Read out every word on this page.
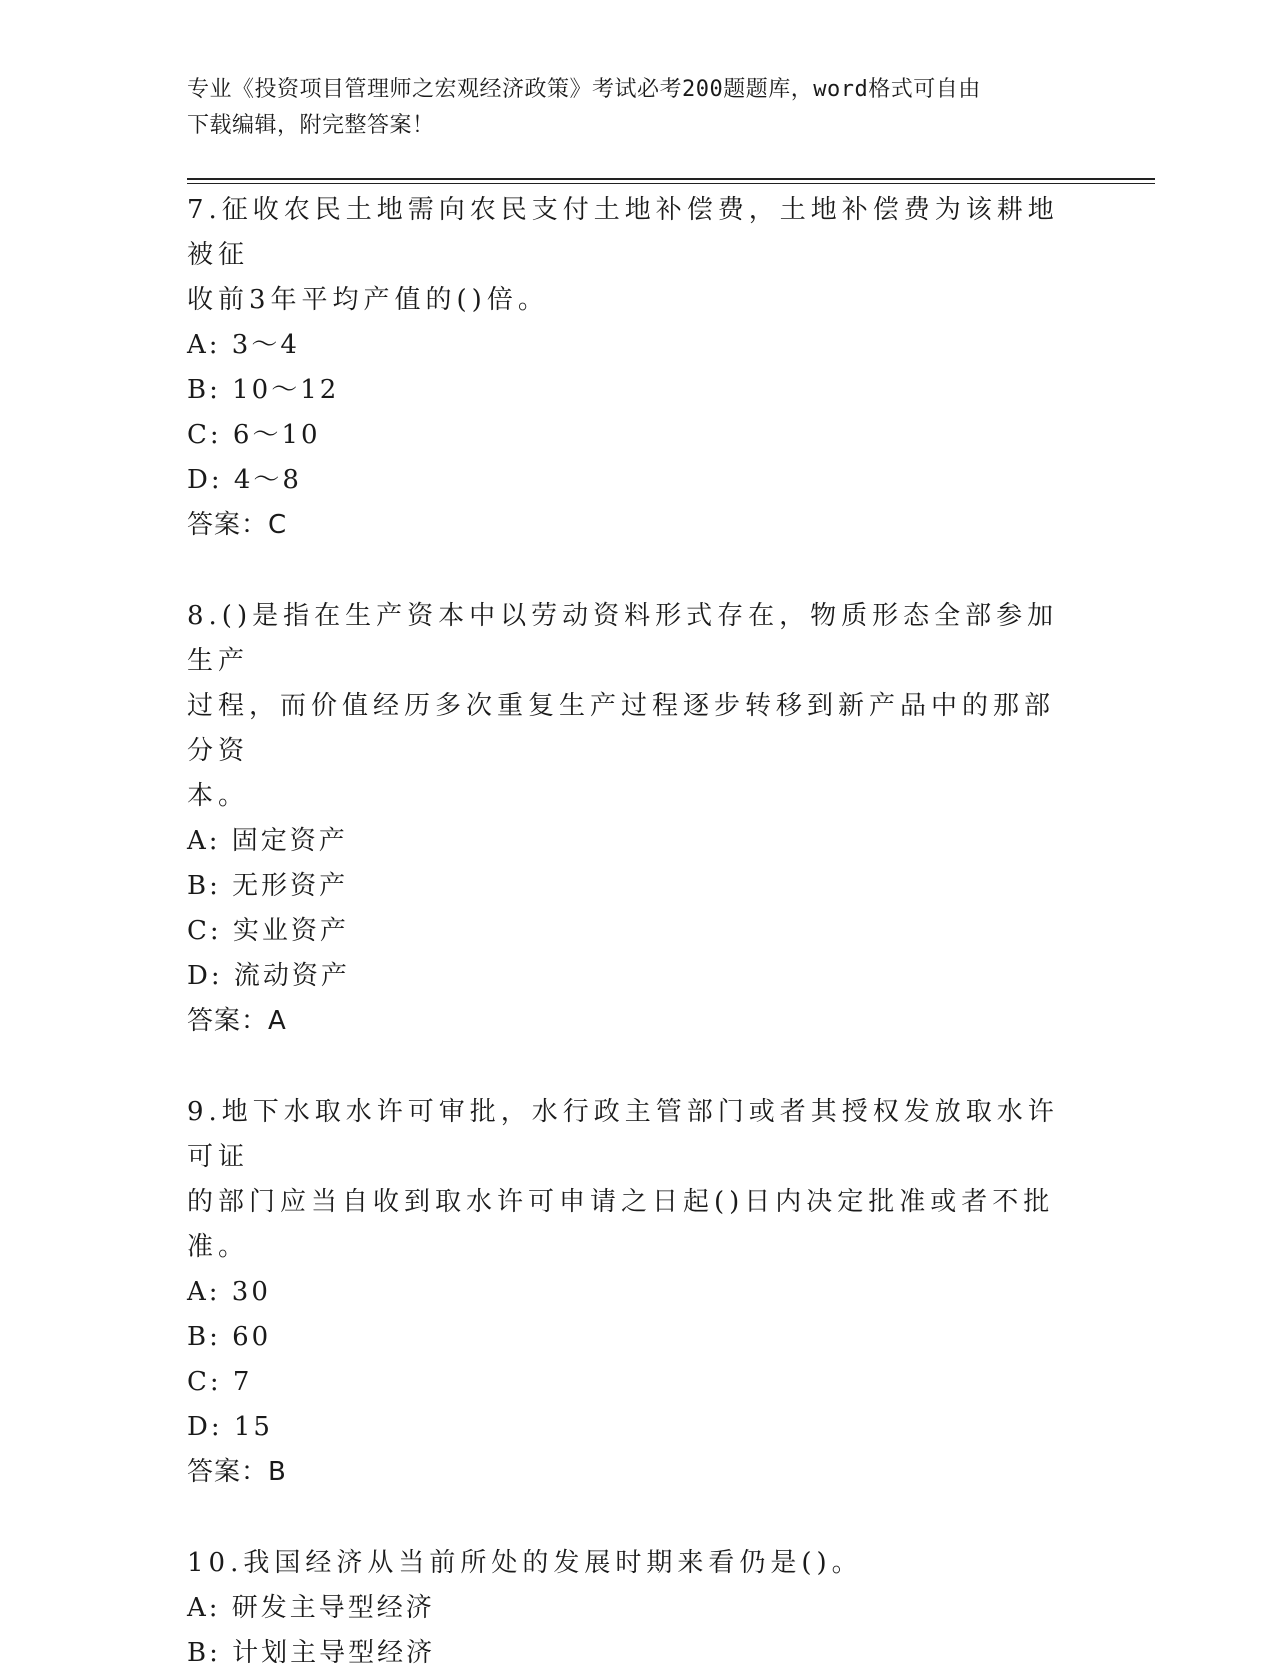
专业《投资项目管理师之宏观经济政策》考试必考200题题库，word格式可自由
下载编辑，附完整答案！

7.征收农民土地需向农民支付土地补偿费，土地补偿费为该耕地被征
收前3年平均产值的()倍。

A: 3～4

B: 10～12

C: 6～10

D: 4～8

答案：C

8.()是指在生产资本中以劳动资料形式存在，物质形态全部参加生产
过程，而价值经历多次重复生产过程逐步转移到新产品中的那部分资
本。

A: 固定资产

B: 无形资产

C: 实业资产

D: 流动资产

答案：A

9.地下水取水许可审批，水行政主管部门或者其授权发放取水许可证
的部门应当自收到取水许可申请之日起()日内决定批准或者不批准。

A: 30

B: 60

C: 7

D: 15

答案：B

10.我国经济从当前所处的发展时期来看仍是()。

A: 研发主导型经济

B: 计划主导型经济
